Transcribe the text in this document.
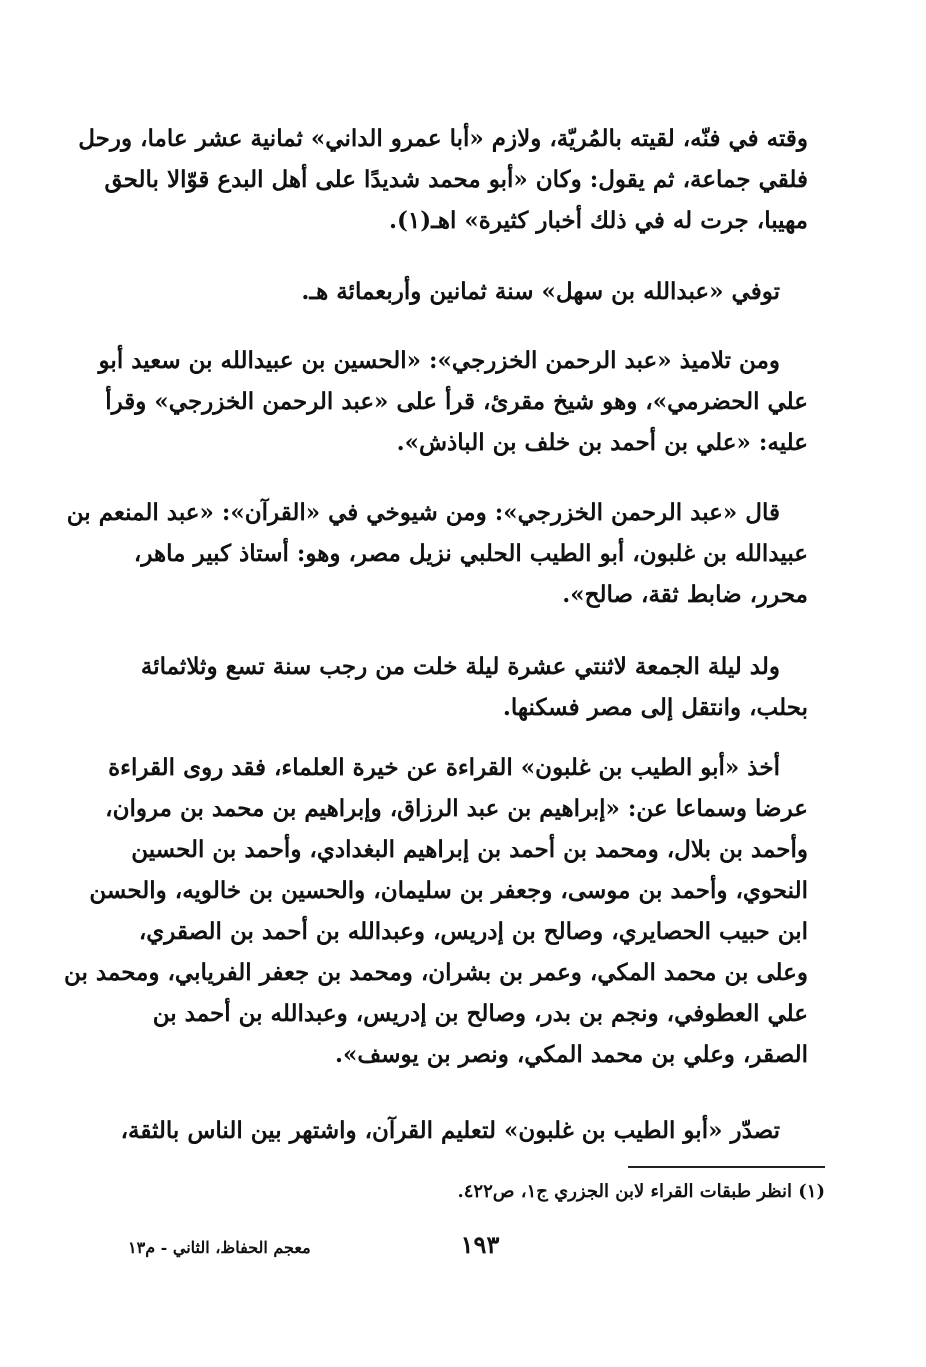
وقته في فنّه، لقيته بالمُريّة، ولازم «أبا عمرو الداني» ثمانية عشر عاما، ورحل
فلقي جماعة، ثم يقول: وكان «أبو محمد شديدًا على أهل البدع قوّالا بالحق
مهيبا، جرت له في ذلك أخبار كثيرة» اهـ(١).
توفي «عبدالله بن سهل» سنة ثمانين وأربعمائة هـ.
ومن تلاميذ «عبد الرحمن الخزرجي»: «الحسين بن عبيدالله بن سعيد أبو
علي الحضرمي»، وهو شيخ مقرئ، قرأ على «عبد الرحمن الخزرجي» وقرأ
عليه: «علي بن أحمد بن خلف بن الباذش».
قال «عبد الرحمن الخزرجي»: ومن شيوخي في «القرآن»: «عبد المنعم بن
عبيدالله بن غلبون، أبو الطيب الحلبي نزيل مصر، وهو: أستاذ كبير ماهر،
محرر، ضابط ثقة، صالح».
ولد ليلة الجمعة لاثنتي عشرة ليلة خلت من رجب سنة تسع وثلاثمائة
بحلب، وانتقل إلى مصر فسكنها.
أخذ «أبو الطيب بن غلبون» القراءة عن خيرة العلماء، فقد روى القراءة
عرضا وسماعا عن: «إبراهيم بن عبد الرزاق، وإبراهيم بن محمد بن مروان،
وأحمد بن بلال، ومحمد بن أحمد بن إبراهيم البغدادي، وأحمد بن الحسين
النحوي، وأحمد بن موسى، وجعفر بن سليمان، والحسين بن خالويه، والحسن
ابن حبيب الحصايري، وصالح بن إدريس، وعبدالله بن أحمد بن الصقري،
وعلى بن محمد المكي، وعمر بن بشران، ومحمد بن جعفر الفريابي، ومحمد بن
علي العطوفي، ونجم بن بدر، وصالح بن إدريس، وعبدالله بن أحمد بن
الصقر، وعلي بن محمد المكي، ونصر بن يوسف».
تصدّر «أبو الطيب بن غلبون» لتعليم القرآن، واشتهر بين الناس بالثقة،
(١) انظر طبقات القراء لابن الجزري ج١، ص٤٢٢.
١٩٣
معجم الحفاظ، الثاني - م١٣
